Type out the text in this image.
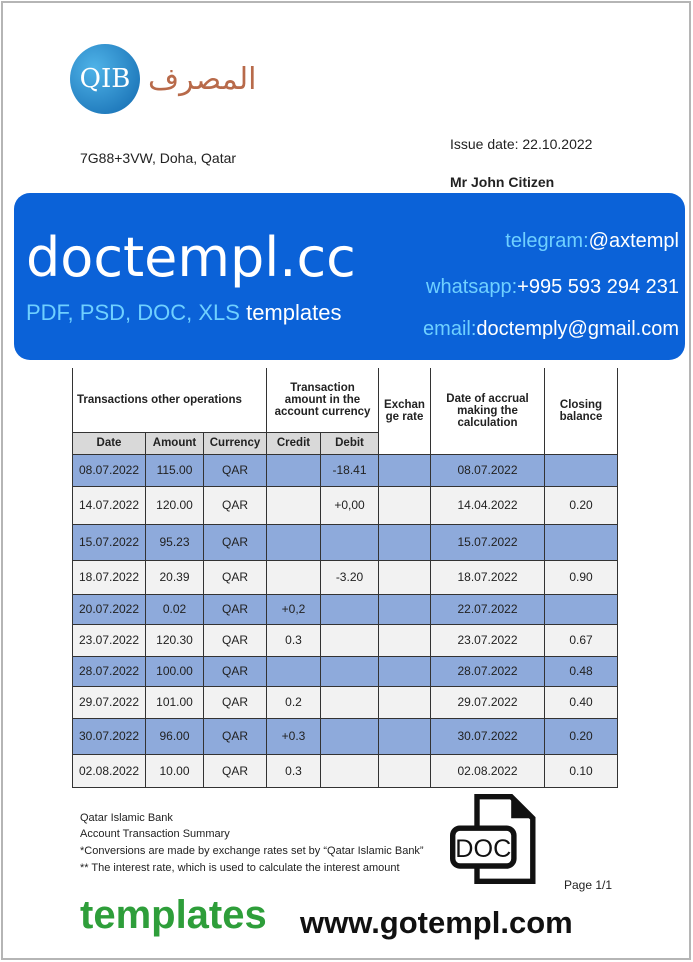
QIB المصرف
7G88+3VW, Doha, Qatar
Issue date: 22.10.2022
Mr John Citizen
doctempl.cc
PDF, PSD, DOC, XLS templates
telegram:@axtempl
whatsapp:+995 593 294 231
email:doctemply@gmail.com
Transactions other operations			Transaction amount in the account currency		Exchan ge rate	Date of accrual making the calculation	Closing balance
Date	Amount	Currency	Credit	Debit			
08.07.2022	115.00	QAR		-18.41		08.07.2022	
14.07.2022	120.00	QAR		+0,00		14.04.2022	0.20
15.07.2022	95.23	QAR				15.07.2022	
18.07.2022	20.39	QAR		-3.20		18.07.2022	0.90
20.07.2022	0.02	QAR	+0,2			22.07.2022	
23.07.2022	120.30	QAR	0.3			23.07.2022	0.67
28.07.2022	100.00	QAR				28.07.2022	0.48
29.07.2022	101.00	QAR	0.2			29.07.2022	0.40
30.07.2022	96.00	QAR	+0.3			30.07.2022	0.20
02.08.2022	10.00	QAR	0.3			02.08.2022	0.10
DOC
templates www.gotempl.com
Qatar Islamic Bank
Account Transaction Summary
*Conversions are made by exchange rates set by “Qatar Islamic Bank”
** The interest rate, which is used to calculate the interest amount
Page 1/1
